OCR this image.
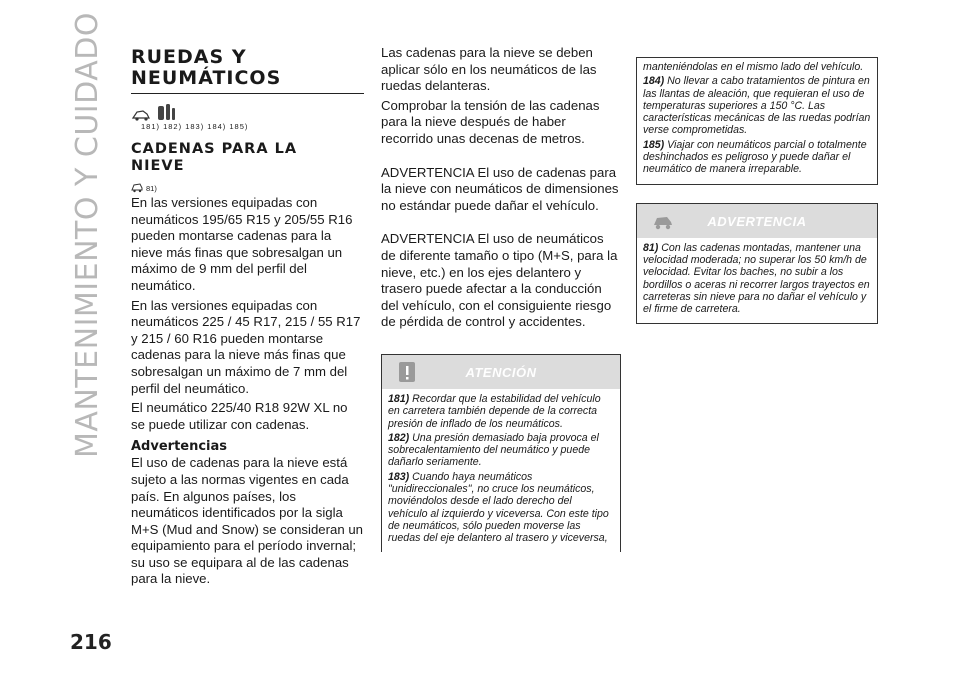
MANTENIMIENTO Y CUIDADO
216
RUEDAS Y
NEUMÁTICOS
181) 182) 183) 184) 185)
CADENAS PARA LA
NIEVE
81)

En las versiones equipadas con neumáticos 195/65 R15 y 205/55 R16 pueden montarse cadenas para la nieve más finas que sobresalgan un máximo de 9 mm del perfil del neumático.

En las versiones equipadas con neumáticos 225 / 45 R17, 215 / 55 R17 y 215 / 60 R16 pueden montarse cadenas para la nieve más finas que sobresalgan un máximo de 7 mm del perfil del neumático.

El neumático 225/40 R18 92W XL no se puede utilizar con cadenas.

Advertencias

El uso de cadenas para la nieve está sujeto a las normas vigentes en cada país. En algunos países, los neumáticos identificados por la sigla M+S (Mud and Snow) se consideran un equipamiento para el período invernal; su uso se equipara al de las cadenas para la nieve.

Las cadenas para la nieve se deben aplicar sólo en los neumáticos de las ruedas delanteras.

Comprobar la tensión de las cadenas para la nieve después de haber recorrido unas decenas de metros.

ADVERTENCIA El uso de cadenas para la nieve con neumáticos de dimensiones no estándar puede dañar el vehículo.

ADVERTENCIA El uso de neumáticos de diferente tamaño o tipo (M+S, para la nieve, etc.) en los ejes delantero y trasero puede afectar a la conducción del vehículo, con el consiguiente riesgo de pérdida de control y accidentes.

ATENCIÓN
181) Recordar que la estabilidad del vehículo en carretera también depende de la correcta presión de inflado de los neumáticos.
182) Una presión demasiado baja provoca el sobrecalentamiento del neumático y puede dañarlo seriamente.
183) Cuando haya neumáticos "unidireccionales", no cruce los neumáticos, moviéndolos desde el lado derecho del vehículo al izquierdo y viceversa. Con este tipo de neumáticos, sólo pueden moverse las ruedas del eje delantero al trasero y viceversa,
manteniéndolas en el mismo lado del vehículo.
184) No llevar a cabo tratamientos de pintura en las llantas de aleación, que requieran el uso de temperaturas superiores a 150 °C. Las características mecánicas de las ruedas podrían verse comprometidas.
185) Viajar con neumáticos parcial o totalmente deshinchados es peligroso y puede dañar el neumático de manera irreparable.
ADVERTENCIA
81) Con las cadenas montadas, mantener una velocidad moderada; no superar los 50 km/h de velocidad. Evitar los baches, no subir a los bordillos o aceras ni recorrer largos trayectos en carreteras sin nieve para no dañar el vehículo y el firme de carretera.
